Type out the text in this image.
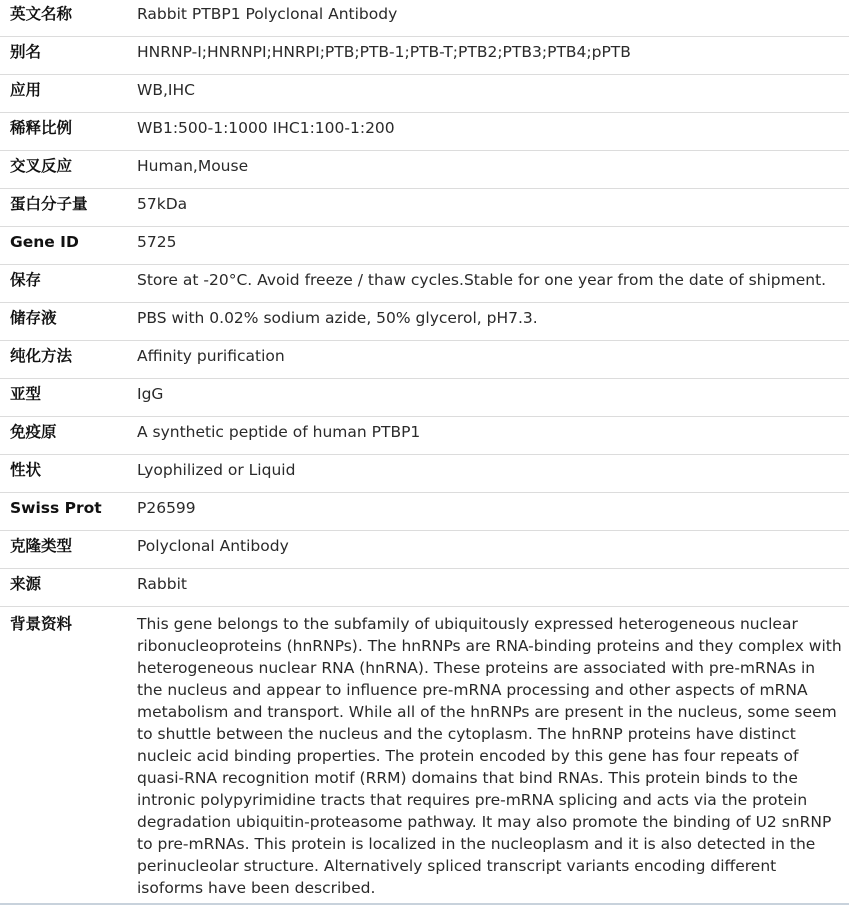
英文名称	Rabbit PTBP1 Polyclonal Antibody
别名	HNRNP-I;HNRNPI;HNRPI;PTB;PTB-1;PTB-T;PTB2;PTB3;PTB4;pPTB
应用	WB,IHC
稀释比例	WB1:500-1:1000 IHC1:100-1:200
交叉反应	Human,Mouse
蛋白分子量	57kDa
Gene ID	5725
保存	Store at -20°C. Avoid freeze / thaw cycles.Stable for one year from the date of shipment.
储存液	PBS with 0.02% sodium azide, 50% glycerol, pH7.3.
纯化方法	Affinity purification
亚型	IgG
免疫原	A synthetic peptide of human PTBP1
性状	Lyophilized or Liquid
Swiss Prot	P26599
克隆类型	Polyclonal Antibody
来源	Rabbit
背景资料	This gene belongs to the subfamily of ubiquitously expressed heterogeneous nuclear ribonucleoproteins (hnRNPs). The hnRNPs are RNA-binding proteins and they complex with heterogeneous nuclear RNA (hnRNA). These proteins are associated with pre-mRNAs in the nucleus and appear to influence pre-mRNA processing and other aspects of mRNA metabolism and transport. While all of the hnRNPs are present in the nucleus, some seem to shuttle between the nucleus and the cytoplasm. The hnRNP proteins have distinct nucleic acid binding properties. The protein encoded by this gene has four repeats of quasi-RNA recognition motif (RRM) domains that bind RNAs. This protein binds to the intronic polypyrimidine tracts that requires pre-mRNA splicing and acts via the protein degradation ubiquitin-proteasome pathway. It may also promote the binding of U2 snRNP to pre-mRNAs. This protein is localized in the nucleoplasm and it is also detected in the perinucleolar structure. Alternatively spliced transcript variants encoding different isoforms have been described.
